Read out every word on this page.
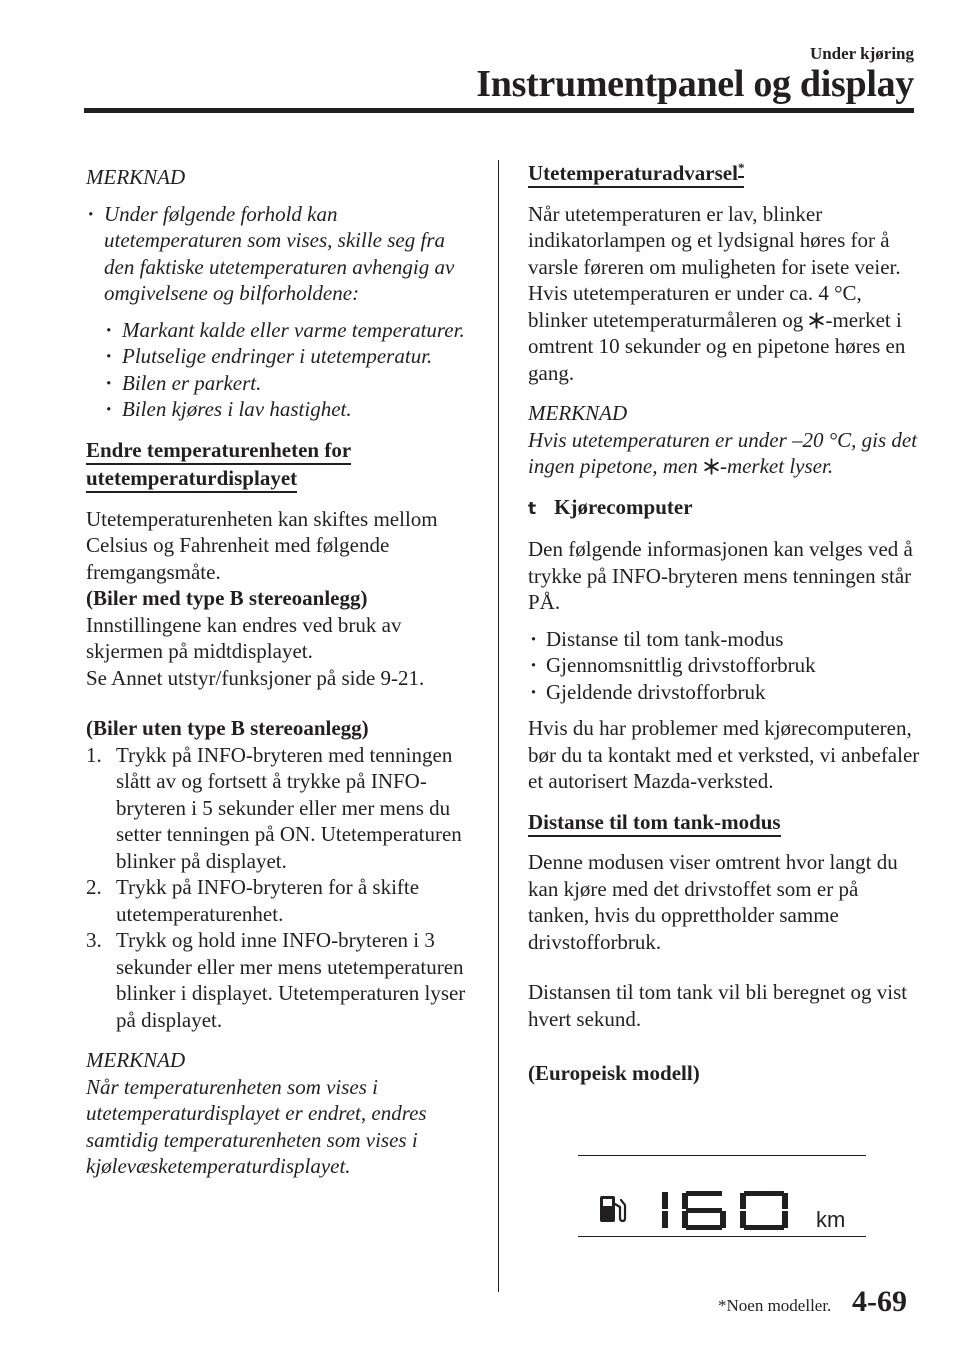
Under kjøring
Instrumentpanel og display

MERKNAD

· Under følgende forhold kan utetemperaturen som vises, skille seg fra den faktiske utetemperaturen avhengig av omgivelsene og bilforholdene:

· Markant kalde eller varme temperaturer.

· Plutselige endringer i utetemperatur.

· Bilen er parkert.

· Bilen kjøres i lav hastighet.

Endre temperaturenheten for

utetemperaturdisplayet

Utetemperaturenheten kan skiftes mellom Celsius og Fahrenheit med følgende fremgangsmåte.

(Biler med type B stereoanlegg)

Innstillingene kan endres ved bruk av skjermen på midtdisplayet.

Se Annet utstyr/funksjoner på side 9-21.

(Biler uten type B stereoanlegg)

1. Trykk på INFO-bryteren med tenningen slått av og fortsett å trykke på INFO-bryteren i 5 sekunder eller mer mens du setter tenningen på ON. Utetemperaturen blinker på displayet.

2. Trykk på INFO-bryteren for å skifte utetemperaturenhet.

3. Trykk og hold inne INFO-bryteren i 3 sekunder eller mer mens utetemperaturen blinker i displayet. Utetemperaturen lyser på displayet.

MERKNAD

Når temperaturenheten som vises i utetemperaturdisplayet er endret, endres samtidig temperaturenheten som vises i kjølevæsketemperaturdisplayet.

Utetemperaturadvarsel*

Når utetemperaturen er lav, blinker indikatorlampen og et lydsignal høres for å varsle føreren om muligheten for isete veier.

Hvis utetemperaturen er under ca. 4 °C, blinker utetemperaturmåleren og -merket i omtrent 10 sekunder og en pipetone høres en gang.

MERKNAD

Hvis utetemperaturen er under –20 °C, gis det ingen pipetone, men -merket lyser.

t Kjørecomputer

Den følgende informasjonen kan velges ved å trykke på INFO-bryteren mens tenningen står PÅ.

· Distanse til tom tank-modus

· Gjennomsnittlig drivstofforbruk

· Gjeldende drivstofforbruk

Hvis du har problemer med kjørecomputeren, bør du ta kontakt med et verksted, vi anbefaler et autorisert Mazda-verksted.

Distanse til tom tank-modus

Denne modusen viser omtrent hvor langt du kan kjøre med det drivstoffet som er på tanken, hvis du opprettholder samme drivstofforbruk.

Distansen til tom tank vil bli beregnet og vist hvert sekund.

(Europeisk modell)

km
*Noen modeller. 4-69
